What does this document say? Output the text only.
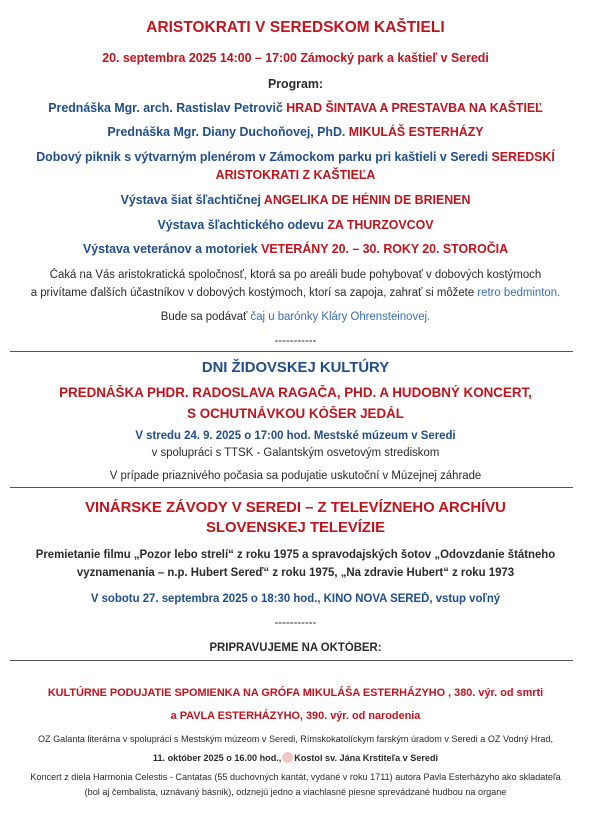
ARISTOKRATI V SEREDSKOM KAŠTIELI
20. septembra 2025 14:00 – 17:00 Zámocký park a kaštieľ v Seredi
Program:
Prednáška Mgr. arch. Rastislav Petrovič HRAD ŠINTAVA A PRESTAVBA NA KAŠTIEĽ
Prednáška Mgr. Diany Duchoňovej, PhD. MIKULÁŠ ESTERHÁZY
Dobový piknik s výtvarným plenérom v Zámockom parku pri kaštieli v Seredi SEREDSKÍ
ARISTOKRATI Z KAŠTIEĽA
Výstava šiat šľachtičnej ANGELIKA DE HÉNIN DE BRIENEN
Výstava šľachtického odevu ZA THURZOVCOV
Výstava veteránov a motoriek VETERÁNY 20. – 30. ROKY 20. STOROČIA
Čaká na Vás aristokratická spoločnosť, ktorá sa po areáli bude pohybovať v dobových kostýmoch
a privítame ďalších účastníkov v dobových kostýmoch, ktorí sa zapoja, zahrať si môžete retro bedminton.
Bude sa podávať čaj u barónky Kláry Ohrensteinovej.
-----------
DNI ŽIDOVSKEJ KULTÚRY
PREDNÁŠKA PHDR. RADOSLAVA RAGAČA, PHD. A HUDOBNÝ KONCERT,
S OCHUTNÁVKOU KÓŠER JEDÁL
V stredu 24. 9. 2025 o 17:00 hod. Mestské múzeum v Seredi
v spolupráci s TTSK - Galantským osvetovým strediskom
V prípade priaznivého počasia sa podujatie uskutoční v Múzejnej záhrade
VINÁRSKE ZÁVODY V SEREDI – Z TELEVÍZNEHO ARCHÍVU
SLOVENSKEJ TELEVÍZIE
Premietanie filmu „Pozor lebo strelí“ z roku 1975 a spravodajských šotov „Odovzdanie štátneho
vyznamenania – n.p. Hubert Sereď“ z roku 1975, „Na zdravie Hubert“ z roku 1973
V sobotu 27. septembra 2025 o 18:30 hod., KINO NOVA SEREĎ, vstup voľný
-----------
PRIPRAVUJEME NA OKTÓBER:
KULTÚRNE PODUJATIE SPOMIENKA NA GRÓFA MIKULÁŠA ESTERHÁZYHO , 380. výr. od smrti
a PAVLA ESTERHÁZYHO, 390. výr. od narodenia
OZ Galanta literárna v spolupráci s Mestským múzeom v Seredi, Rímskokatolíckym farským úradom v Seredi a OZ Vodný Hrad,
11. október 2025 o 16.00 hod., Kostol sv. Jána Krstiteľa v Seredi
Koncert z diela Harmonia Celestis - Cantatas (55 duchovných kantát, vydané v roku 1711) autora Pavla Esterházyho ako skladateľa
(bol aj čembalista, uznávaný básnik), odznejú jedno a viachlasné piesne sprevádzané hudbou na organe
